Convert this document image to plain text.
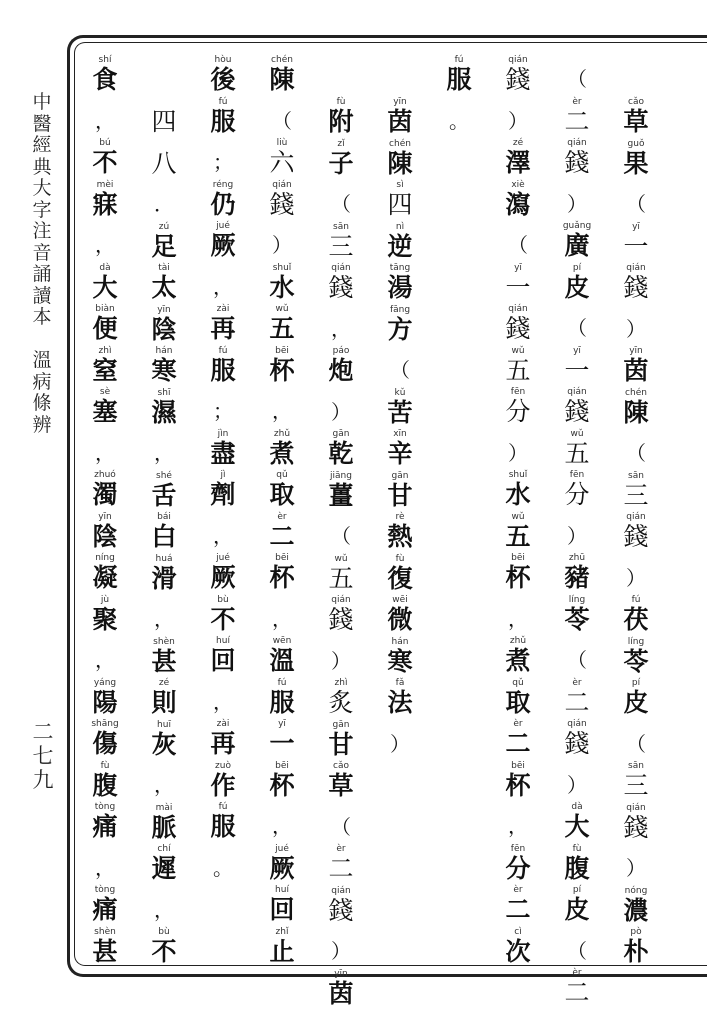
中
醫
經
典
大
字
注
音
誦
讀
本

溫
病
條
辨
二
七
九
cǎo
草
guǒ
果
（
yī
一
qián
錢
）
yīn
茵
chén
陳
（
sān
三
qián
錢
）
fú
茯
líng
苓
pí
皮
（
sān
三
qián
錢
）
nóng
濃
pò
朴
（
èr
二
qián
錢
）
guǎng
廣
pí
皮
（
yī
一
qián
錢
wǔ
五
fēn
分
）
zhū
豬
líng
苓
（
èr
二
qián
錢
）
dà
大
fù
腹
pí
皮
（
èr
二
qián
錢
）
zé
澤
xiè
瀉
（
yī
一
qián
錢
wǔ
五
fēn
分
）
shuǐ
水
wǔ
五
bēi
杯
，
zhǔ
煮
qǔ
取
èr
二
bēi
杯
，
fēn
分
èr
二
cì
次
fú
服
。
yīn
茵
chén
陳
sì
四
nì
逆
tāng
湯
fāng
方
（
kǔ
苦
xīn
辛
gān
甘
rè
熱
fù
復
wēi
微
hán
寒
fǎ
法
）
fù
附
zǐ
子
（
sān
三
qián
錢
，
páo
炮
）
gān
乾
jiāng
薑
（
wǔ
五
qián
錢
）
zhì
炙
gān
甘
cǎo
草
（
èr
二
qián
錢
）
yīn
茵
chén
陳
（
liù
六
qián
錢
）
shuǐ
水
wǔ
五
bēi
杯
，
zhǔ
煮
qǔ
取
èr
二
bēi
杯
，
wēn
溫
fú
服
yī
一
bēi
杯
，
jué
厥
huí
回
zhǐ
止
hòu
後
fú
服
；
réng
仍
jué
厥
，
zài
再
fú
服
；
jìn
盡
jì
劑
，
jué
厥
bù
不
huí
回
，
zài
再
zuò
作
fú
服
。
四
八
．
zú
足
tài
太
yīn
陰
hán
寒
shī
濕
，
shé
舌
bái
白
huá
滑
，
shèn
甚
zé
則
huī
灰
，
mài
脈
chí
遲
，
bù
不
shí
食
，
bú
不
mèi
寐
，
dà
大
biàn
便
zhì
窒
sè
塞
，
zhuó
濁
yīn
陰
níng
凝
jù
聚
，
yáng
陽
shāng
傷
fù
腹
tòng
痛
，
tòng
痛
shèn
甚
